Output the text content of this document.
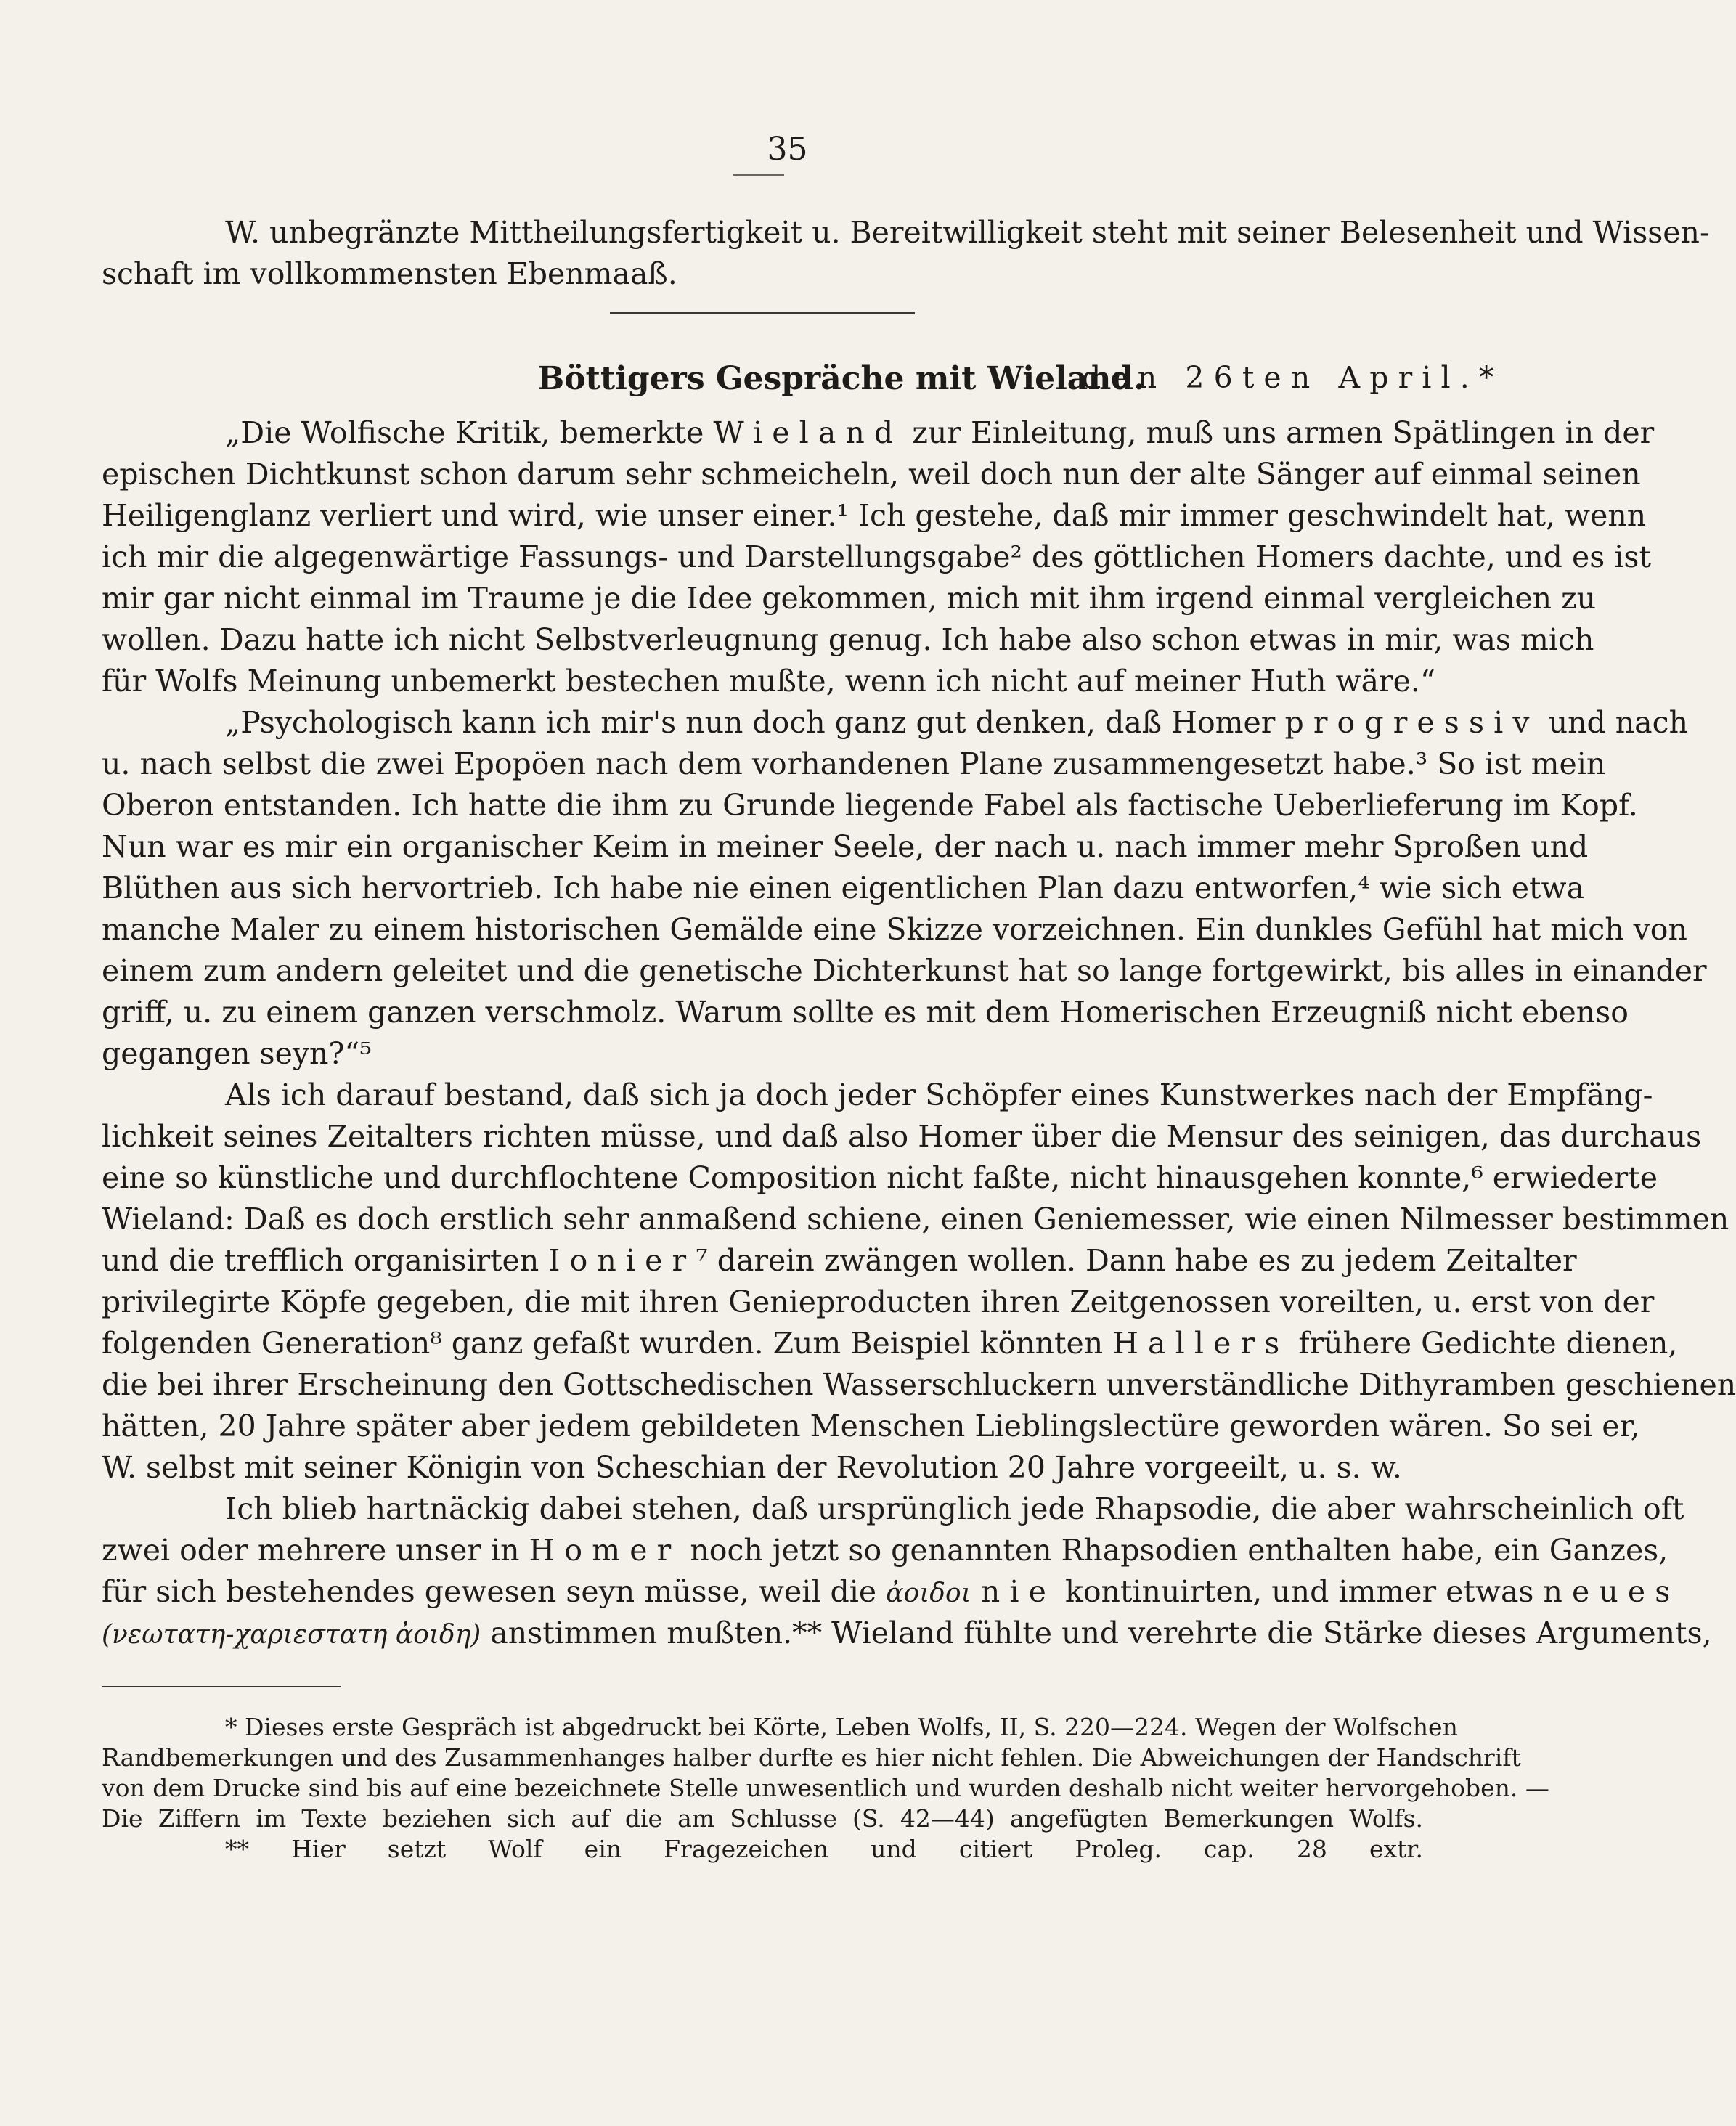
35
W. unbegränzte Mittheilungsfertigkeit u. Bereitwilligkeit steht mit seiner Belesenheit und Wissen-
schaft im vollkommensten Ebenmaaß.
Böttigers Gespräche mit Wieland.
den 26ten April.*
„Die Wolfische Kritik, bemerkte Wieland zur Einleitung, muß uns armen Spätlingen in der
epischen Dichtkunst schon darum sehr schmeicheln, weil doch nun der alte Sänger auf einmal seinen
Heiligenglanz verliert und wird, wie unser einer.¹ Ich gestehe, daß mir immer geschwindelt hat, wenn
ich mir die algegenwärtige Fassungs- und Darstellungsgabe² des göttlichen Homers dachte, und es ist
mir gar nicht einmal im Traume je die Idee gekommen, mich mit ihm irgend einmal vergleichen zu
wollen. Dazu hatte ich nicht Selbstverleugnung genug. Ich habe also schon etwas in mir, was mich
für Wolfs Meinung unbemerkt bestechen mußte, wenn ich nicht auf meiner Huth wäre.“
„Psychologisch kann ich mir's nun doch ganz gut denken, daß Homer progressiv und nach
u. nach selbst die zwei Epopöen nach dem vorhandenen Plane zusammengesetzt habe.³ So ist mein
Oberon entstanden. Ich hatte die ihm zu Grunde liegende Fabel als factische Ueberlieferung im Kopf.
Nun war es mir ein organischer Keim in meiner Seele, der nach u. nach immer mehr Sproßen und
Blüthen aus sich hervortrieb. Ich habe nie einen eigentlichen Plan dazu entworfen,⁴ wie sich etwa
manche Maler zu einem historischen Gemälde eine Skizze vorzeichnen. Ein dunkles Gefühl hat mich von
einem zum andern geleitet und die genetische Dichterkunst hat so lange fortgewirkt, bis alles in einander
griff, u. zu einem ganzen verschmolz. Warum sollte es mit dem Homerischen Erzeugniß nicht ebenso
gegangen seyn?“⁵
Als ich darauf bestand, daß sich ja doch jeder Schöpfer eines Kunstwerkes nach der Empfäng-
lichkeit seines Zeitalters richten müsse, und daß also Homer über die Mensur des seinigen, das durchaus
eine so künstliche und durchflochtene Composition nicht faßte, nicht hinausgehen konnte,⁶ erwiederte
Wieland: Daß es doch erstlich sehr anmaßend schiene, einen Geniemesser, wie einen Nilmesser bestimmen
und die trefflich organisirten Ionier⁷ darein zwängen wollen. Dann habe es zu jedem Zeitalter
privilegirte Köpfe gegeben, die mit ihren Genieproducten ihren Zeitgenossen voreilten, u. erst von der
folgenden Generation⁸ ganz gefaßt wurden. Zum Beispiel könnten Hallers frühere Gedichte dienen,
die bei ihrer Erscheinung den Gottschedischen Wasserschluckern unverständliche Dithyramben geschienen
hätten, 20 Jahre später aber jedem gebildeten Menschen Lieblingslectüre geworden wären. So sei er,
W. selbst mit seiner Königin von Scheschian der Revolution 20 Jahre vorgeeilt, u. s. w.
Ich blieb hartnäckig dabei stehen, daß ursprünglich jede Rhapsodie, die aber wahrscheinlich oft
zwei oder mehrere unser in Homer noch jetzt so genannten Rhapsodien enthalten habe, ein Ganzes,
für sich bestehendes gewesen seyn müsse, weil die ἀοιδοι nie kontinuirten, und immer etwas neues
(νεωτατη-χαριεστατη ἀοιδη) anstimmen mußten.** Wieland fühlte und verehrte die Stärke dieses Arguments,
* Dieses erste Gespräch ist abgedruckt bei Körte, Leben Wolfs, II, S. 220—224. Wegen der Wolfschen
Randbemerkungen und des Zusammenhanges halber durfte es hier nicht fehlen. Die Abweichungen der Handschrift
von dem Drucke sind bis auf eine bezeichnete Stelle unwesentlich und wurden deshalb nicht weiter hervorgehoben. —
Die Ziffern im Texte beziehen sich auf die am Schlusse (S. 42—44) angefügten Bemerkungen Wolfs.
** Hier setzt Wolf ein Fragezeichen und citiert Proleg. cap. 28 extr.
